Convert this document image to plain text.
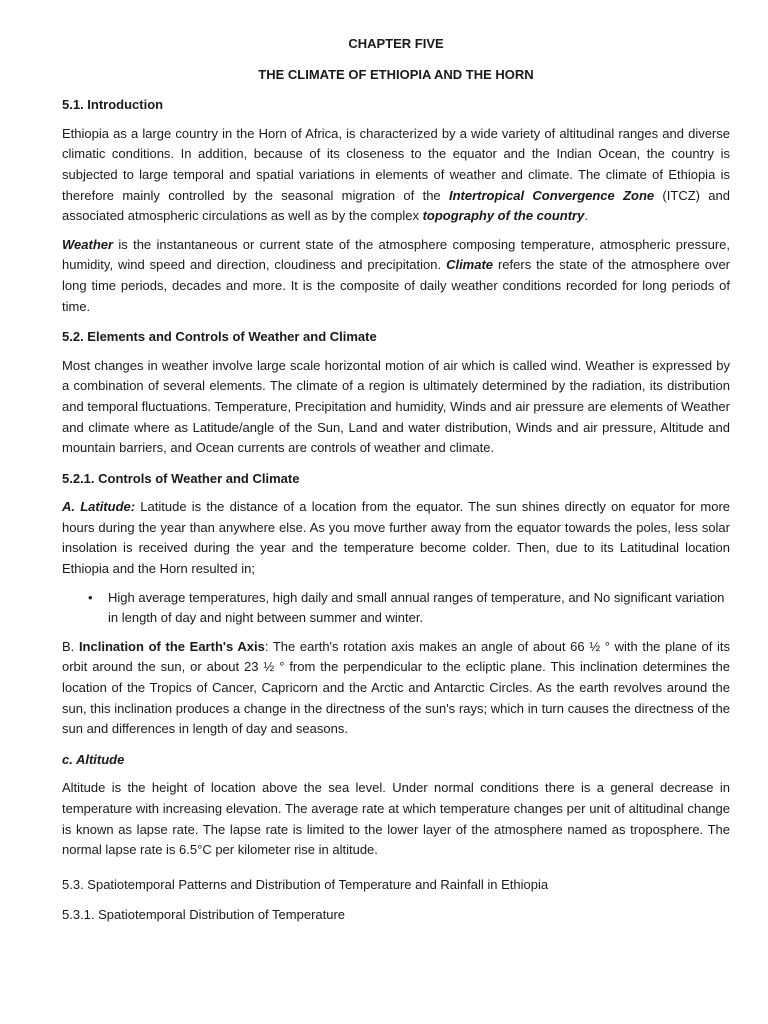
CHAPTER FIVE

THE CLIMATE OF ETHIOPIA AND THE HORN

5.1. Introduction

Ethiopia as a large country in the Horn of Africa, is characterized by a wide variety of altitudinal ranges and diverse climatic conditions. In addition, because of its closeness to the equator and the Indian Ocean, the country is subjected to large temporal and spatial variations in elements of weather and climate. The climate of Ethiopia is therefore mainly controlled by the seasonal migration of the Intertropical Convergence Zone (ITCZ) and associated atmospheric circulations as well as by the complex topography of the country.

Weather is the instantaneous or current state of the atmosphere composing temperature, atmospheric pressure, humidity, wind speed and direction, cloudiness and precipitation. Climate refers the state of the atmosphere over long time periods, decades and more. It is the composite of daily weather conditions recorded for long periods of time.

5.2. Elements and Controls of Weather and Climate

Most changes in weather involve large scale horizontal motion of air which is called wind. Weather is expressed by a combination of several elements. The climate of a region is ultimately determined by the radiation, its distribution and temporal fluctuations. Temperature, Precipitation and humidity, Winds and air pressure are elements of Weather and climate where as Latitude/angle of the Sun, Land and water distribution, Winds and air pressure, Altitude and mountain barriers, and Ocean currents are controls of weather and climate.

5.2.1. Controls of Weather and Climate

A. Latitude: Latitude is the distance of a location from the equator. The sun shines directly on equator for more hours during the year than anywhere else. As you move further away from the equator towards the poles, less solar insolation is received during the year and the temperature become colder. Then, due to its Latitudinal location Ethiopia and the Horn resulted in;

• High average temperatures, high daily and small annual ranges of temperature, and No significant variation in length of day and night between summer and winter.

B. Inclination of the Earth's Axis: The earth's rotation axis makes an angle of about 66 ½ ° with the plane of its orbit around the sun, or about 23 ½ ° from the perpendicular to the ecliptic plane. This inclination determines the location of the Tropics of Cancer, Capricorn and the Arctic and Antarctic Circles. As the earth revolves around the sun, this inclination produces a change in the directness of the sun's rays; which in turn causes the directness of the sun and differences in length of day and seasons.

c. Altitude

Altitude is the height of location above the sea level. Under normal conditions there is a general decrease in temperature with increasing elevation. The average rate at which temperature changes per unit of altitudinal change is known as lapse rate. The lapse rate is limited to the lower layer of the atmosphere named as troposphere. The normal lapse rate is 6.5°C per kilometer rise in altitude.

5.3. Spatiotemporal Patterns and Distribution of Temperature and Rainfall in Ethiopia
5.3.1. Spatiotemporal Distribution of Temperature
